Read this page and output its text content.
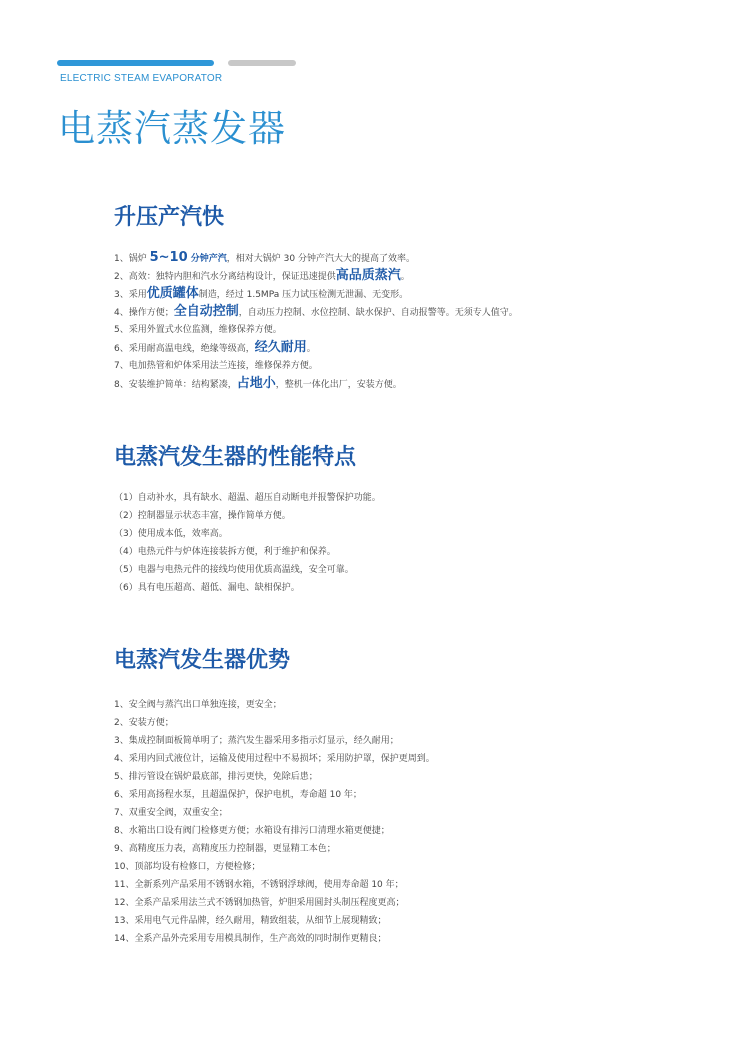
ELECTRIC STEAM EVAPORATOR
电蒸汽蒸发器
升压产汽快
1、锅炉 5~10 分钟产汽，相对大锅炉 30 分钟产汽大大的提高了效率。
2、高效：独特内胆和汽水分离结构设计，保证迅速提供高品质蒸汽。
3、采用优质罐体制造，经过 1.5MPa 压力试压检测无泄漏、无变形。
4、操作方便；全自动控制，自动压力控制、水位控制、缺水保护、自动报警等。无须专人值守。
5、采用外置式水位监测，维修保养方便。
6、采用耐高温电线，绝缘等级高，经久耐用。
7、电加热管和炉体采用法兰连接，维修保养方便。
8、安装维护简单：结构紧凑，占地小，整机一体化出厂，安装方便。
电蒸汽发生器的性能特点
（1）自动补水，具有缺水、超温、超压自动断电并报警保护功能。
（2）控制器显示状态丰富，操作简单方便。
（3）使用成本低，效率高。
（4）电热元件与炉体连接装拆方便，利于维护和保养。
（5）电器与电热元件的接线均使用优质高温线，安全可靠。
（6）具有电压超高、超低、漏电、缺相保护。
电蒸汽发生器优势
1、安全阀与蒸汽出口单独连接，更安全；
2、安装方便；
3、集成控制面板简单明了；蒸汽发生器采用多指示灯显示，经久耐用；
4、采用内回式液位计，运输及使用过程中不易损坏；采用防护罩，保护更周到。
5、排污管设在锅炉最底部，排污更快，免除后患；
6、采用高扬程水泵，且超温保护，保护电机，寿命超 10 年；
7、双重安全阀，双重安全；
8、水箱出口设有阀门检修更方便；水箱设有排污口清理水箱更便捷；
9、高精度压力表，高精度压力控制器，更显精工本色；
10、顶部均设有检修口，方便检修；
11、全新系列产品采用不锈钢水箱，不锈钢浮球阀，使用寿命超 10 年；
12、全系产品采用法兰式不锈钢加热管，炉胆采用圆封头制压程度更高；
13、采用电气元件品牌，经久耐用，精致组装，从细节上展现精致；
14、全系产品外壳采用专用模具制作，生产高效的同时制作更精良；
